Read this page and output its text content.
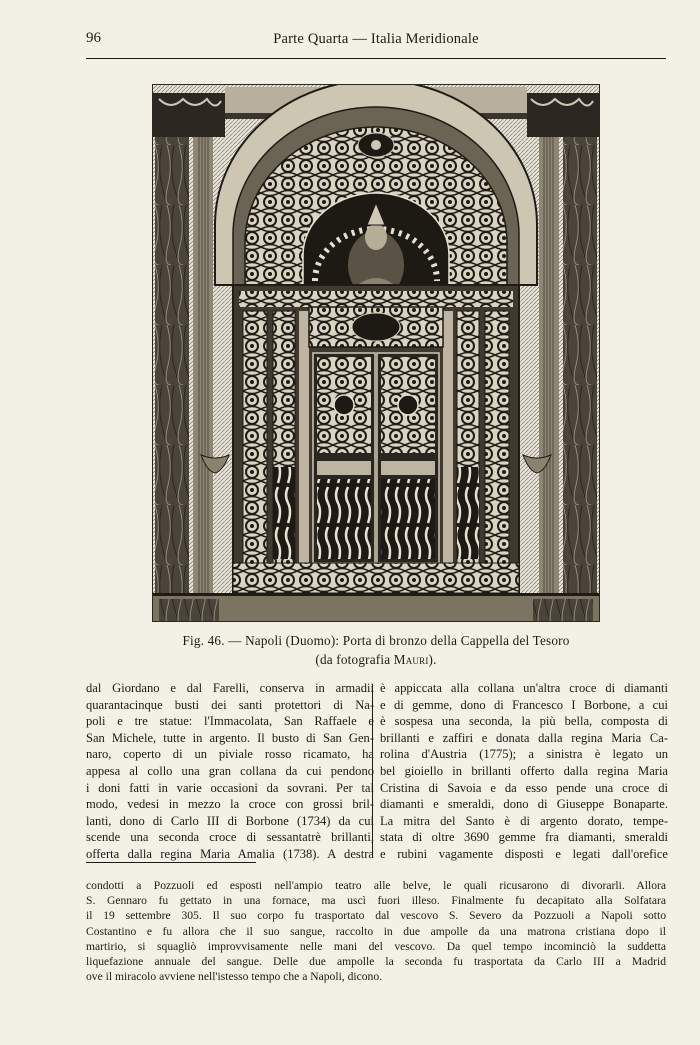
96	Parte Quarta — Italia Meridionale
Fig. 46. — Napoli (Duomo): Porta di bronzo della Cappella del Tesoro
(da fotografia Mauri).

dal Giordano e dal Farelli, conserva in armadii

quarantacinque busti dei santi protettori di Na-

poli e tre statue: l'Immacolata, San Raffaele e

San Michele, tutte in argento. Il busto di San Gen-

naro, coperto di un piviale rosso ricamato, ha

appesa al collo una gran collana da cui pendono

i doni fatti in varie occasioni da sovrani. Per tal

modo, vedesi in mezzo la croce con grossi bril-

lanti, dono di Carlo III di Borbone (1734) da cui

scende una seconda croce di sessantatrè brillanti,

offerta dalla regina Maria Amalia (1738). A destra

è appiccata alla collana un'altra croce di diamanti

e di gemme, dono di Francesco I Borbone, a cui

è sospesa una seconda, la più bella, composta di

brillanti e zaffiri e donata dalla regina Maria Ca-

rolina d'Austria (1775); a sinistra è legato un

bel gioiello in brillanti offerto dalla regina Maria

Cristina di Savoia e da esso pende una croce di

diamanti e smeraldi, dono di Giuseppe Bonaparte.

La mitra del Santo è di argento dorato, tempe-

stata di oltre 3690 gemme fra diamanti, smeraldi

e rubini vagamente disposti e legati dall'orefice

condotti a Pozzuoli ed esposti nell'ampio teatro alle belve, le quali ricusarono di divorarli. Allora

S. Gennaro fu gettato in una fornace, ma uscì fuori illeso. Finalmente fu decapitato alla Solfatara

il 19 settembre 305. Il suo corpo fu trasportato dal vescovo S. Severo da Pozzuoli a Napoli sotto

Costantino e fu allora che il suo sangue, raccolto in due ampolle da una matrona cristiana dopo il

martirio, si squagliò improvvisamente nelle mani del vescovo. Da quel tempo incominciò la suddetta

liquefazione annuale del sangue. Delle due ampolle la seconda fu trasportata da Carlo III a Madrid

ove il miracolo avviene nell'istesso tempo che a Napoli, dicono.
